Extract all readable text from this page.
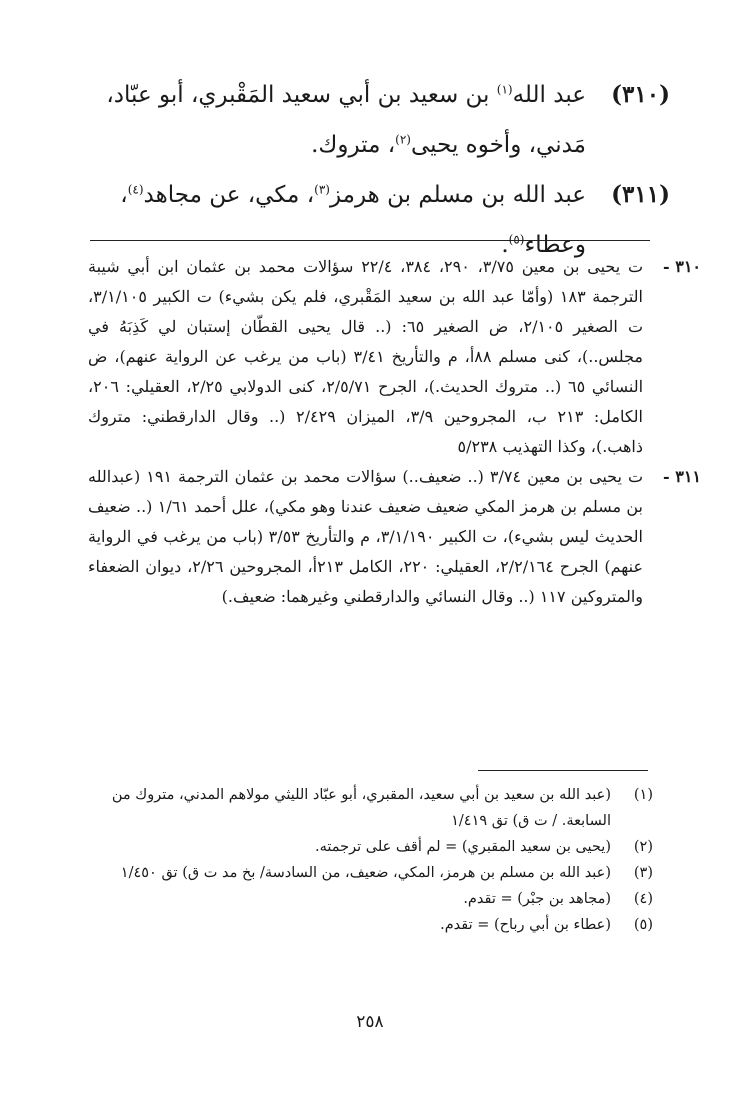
(٣١٠)
عبد الله$^{(١)}$ بن سعيد بن أبي سعيد المَقْبري، أبو عبّاد، مَدني، وأخوه يحيى$^{(٢)}$، متروك.
(٣١١)
عبد الله بن مسلم بن هرمز$^{(٣)}$، مكي، عن مجاهد$^{(٤)}$، وعطاء$^{(٥)}$.
٣١٠ -
ت يحيى بن معين ٣/٧٥، ٢٩٠، ٣٨٤، ٢٢/٤ سؤالات محمد بن عثمان ابن أبي شيبة الترجمة ١٨٣ (وأمّا عبد الله بن سعيد المَقْبري، فلم يكن بشيء) ت الكبير ٣/١/١٠٥، ت الصغير ٢/١٠٥، ض الصغير ٦٥: (.. قال يحيى القطّان إستبان لي كَذِبَهُ في مجلس..)، كنى مسلم ٨٨أ، م والتأريخ ٣/٤١ (باب من يرغب عن الرواية عنهم)، ض النسائي ٦٥ (.. متروك الحديث.)، الجرح ٢/٥/٧١، كنى الدولابي ٢/٢٥، العقيلي: ٢٠٦، الكامل: ٢١٣ ب، المجروحين ٣/٩، الميزان ٢/٤٢٩ (.. وقال الدارقطني: متروك ذاهب.)، وكذا التهذيب ٥/٢٣٨
٣١١ -
ت يحيى بن معين ٣/٧٤ (.. ضعيف..) سؤالات محمد بن عثمان الترجمة ١٩١ (عبدالله بن مسلم بن هرمز المكي ضعيف ضعيف عندنا وهو مكي)، علل أحمد ١/٦١ (.. ضعيف الحديث ليس بشيء)، ت الكبير ٣/١/١٩٠، م والتأريخ ٣/٥٣ (باب من يرغب في الرواية عنهم) الجرح ٢/٢/١٦٤، العقيلي: ٢٢٠، الكامل ٢١٣أ، المجروحين ٢/٢٦، ديوان الضعفاء والمتروكين ١١٧ (.. وقال النسائي والدارقطني وغيرهما: ضعيف.)
(١)
(عبد الله بن سعيد بن أبي سعيد، المقبري، أبو عبّاد الليثي مولاهم المدني، متروك من السابعة. / ت ق) تق ١/٤١٩
(٢)
(يحيى بن سعيد المقبري) = لم أقف على ترجمته.
(٣)
(عبد الله بن مسلم بن هرمز، المكي، ضعيف، من السادسة/ بخ مد ت ق) تق ١/٤٥٠
(٤)
(مجاهد بن جبْر) = تقدم.
(٥)
(عطاء بن أبي رباح) = تقدم.
٢٥٨
